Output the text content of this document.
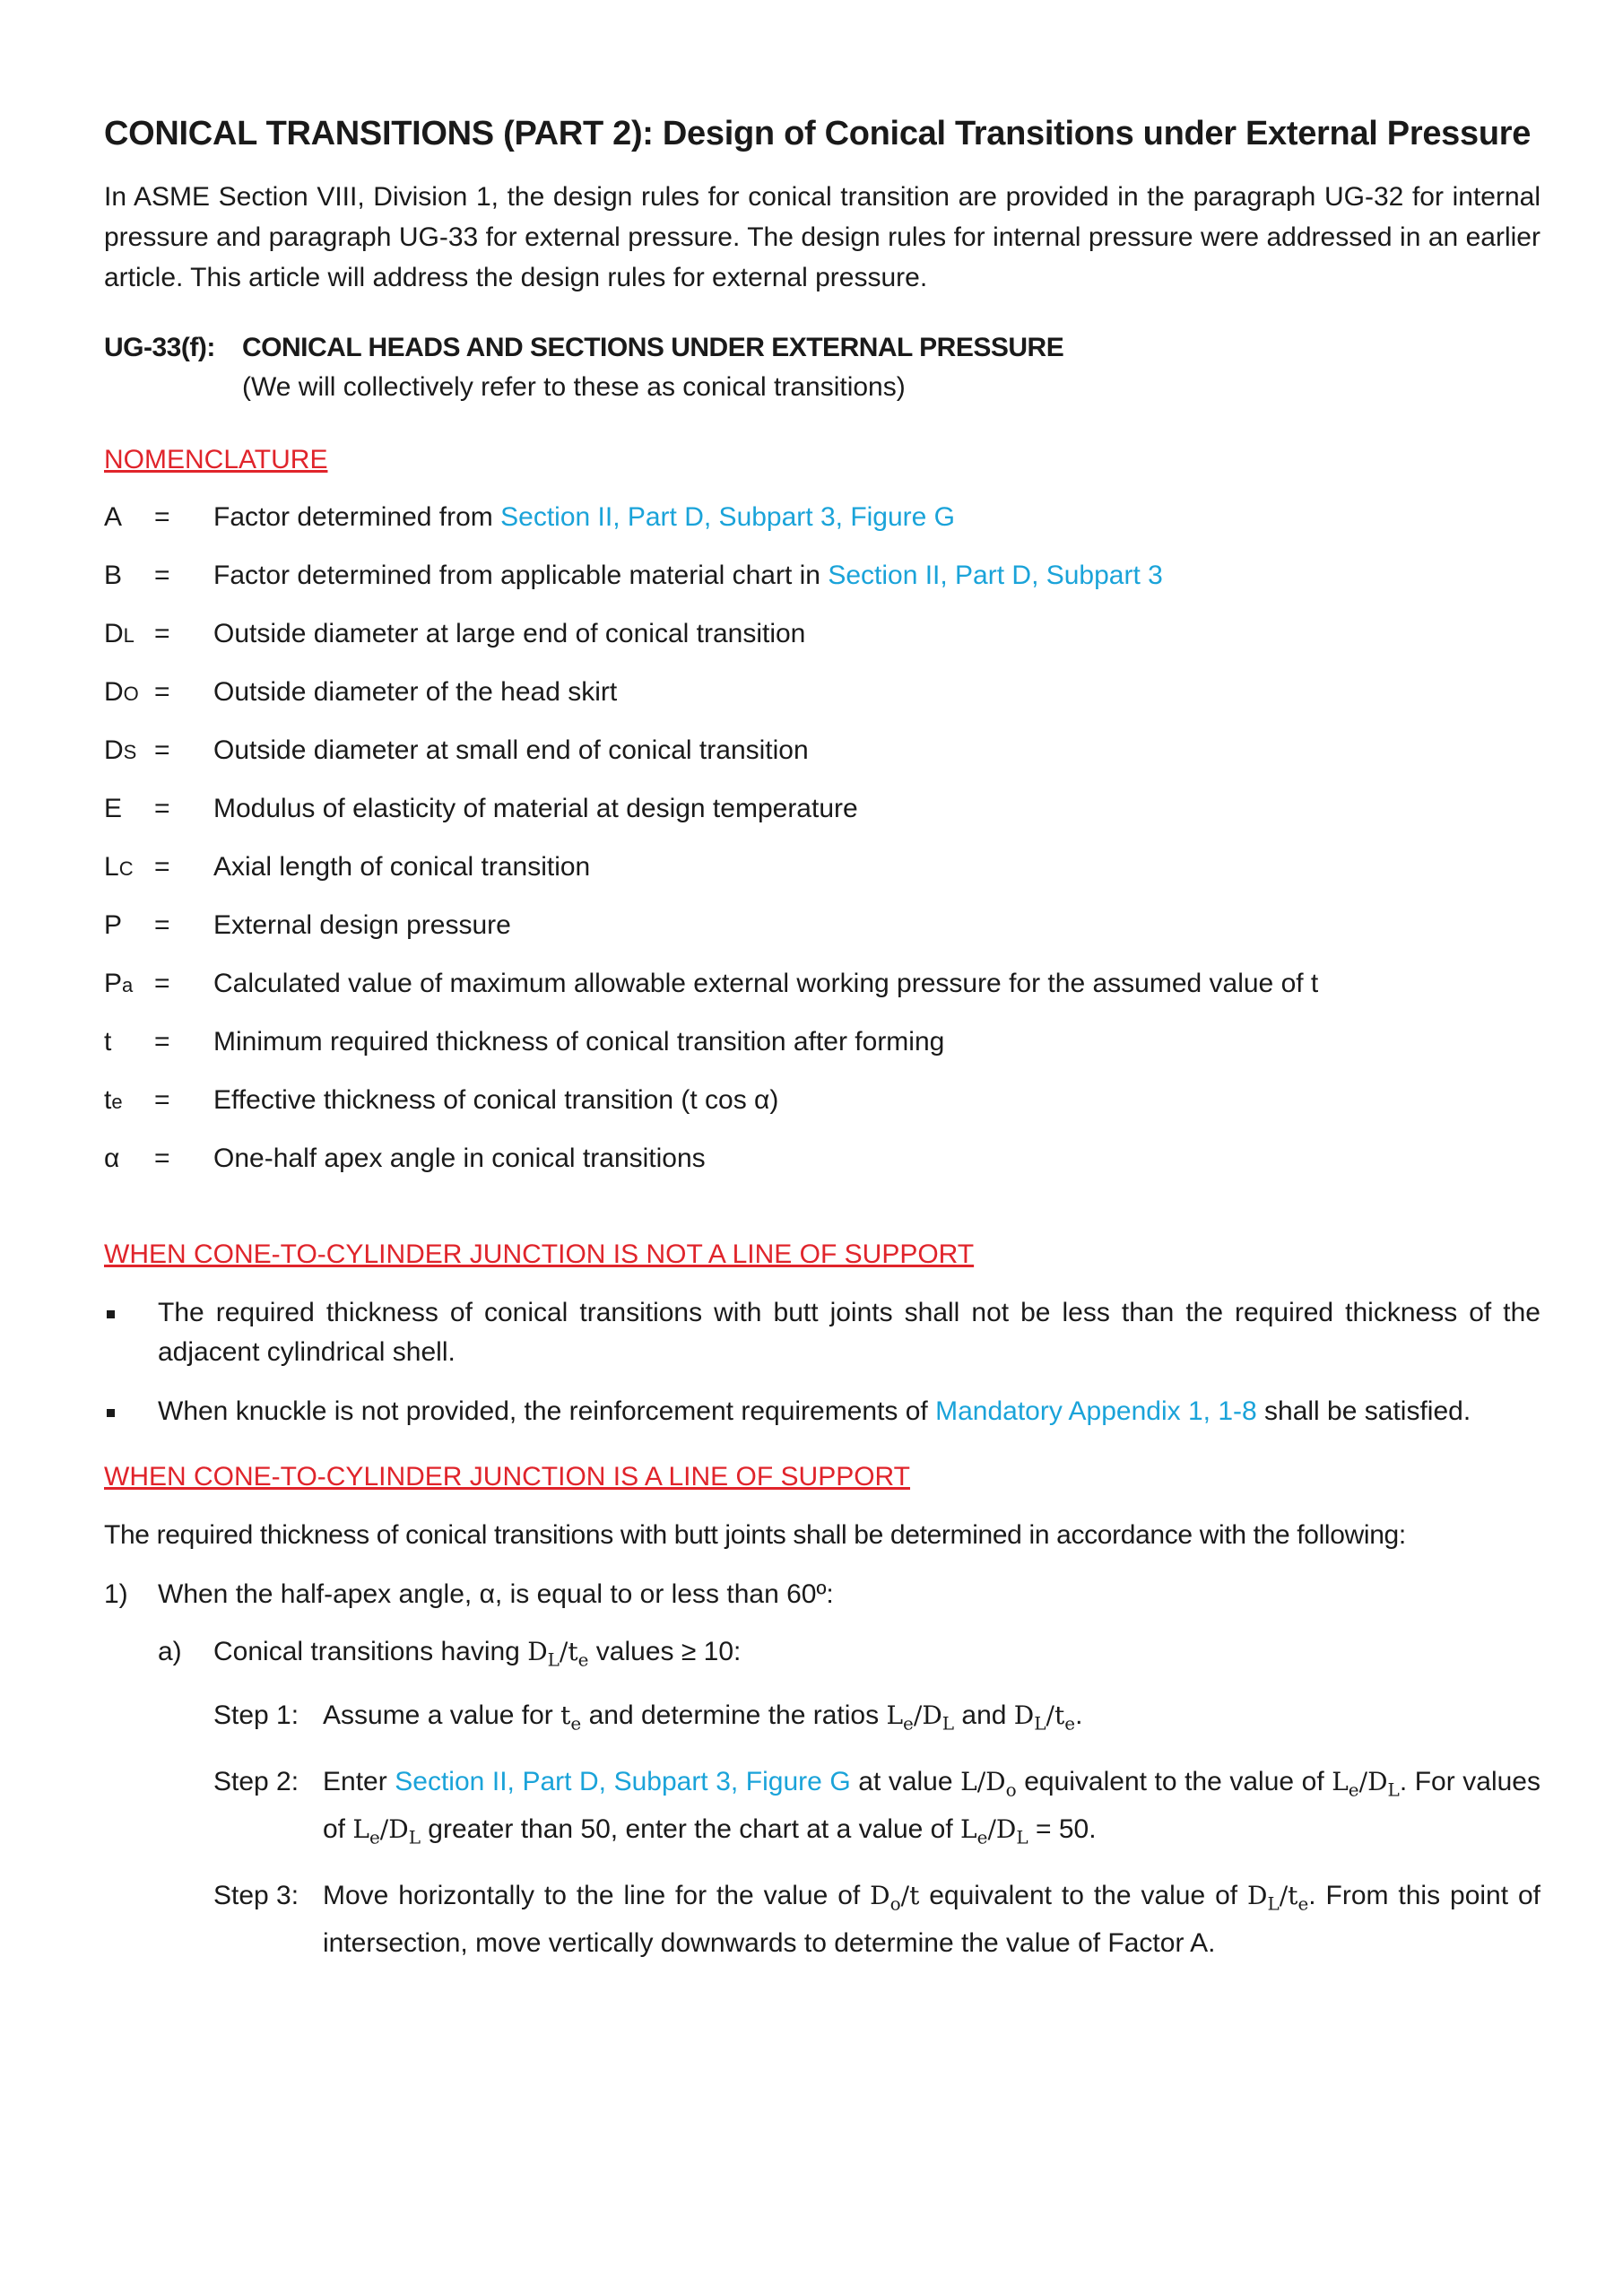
CONICAL TRANSITIONS (PART 2): Design of Conical Transitions under External Pressure
In ASME Section VIII, Division 1, the design rules for conical transition are provided in the paragraph UG-32 for internal pressure and paragraph UG-33 for external pressure. The design rules for internal pressure were addressed in an earlier article. This article will address the design rules for external pressure.
UG-33(f):	CONICAL HEADS AND SECTIONS UNDER EXTERNAL PRESSURE
(We will collectively refer to these as conical transitions)
NOMENCLATURE
A	=	Factor determined from Section II, Part D, Subpart 3, Figure G
B	=	Factor determined from applicable material chart in Section II, Part D, Subpart 3
DL =	Outside diameter at large end of conical transition
DO =	Outside diameter of the head skirt
DS =	Outside diameter at small end of conical transition
E	=	Modulus of elasticity of material at design temperature
LC =	Axial length of conical transition
P	=	External design pressure
Pa =	Calculated value of maximum allowable external working pressure for the assumed value of t
t	=	Minimum required thickness of conical transition after forming
te	=	Effective thickness of conical transition (t cos α)
α	=	One-half apex angle in conical transitions
WHEN CONE-TO-CYLINDER JUNCTION IS NOT A LINE OF SUPPORT
The required thickness of conical transitions with butt joints shall not be less than the required thickness of the adjacent cylindrical shell.
When knuckle is not provided, the reinforcement requirements of Mandatory Appendix 1, 1-8 shall be satisfied.
WHEN CONE-TO-CYLINDER JUNCTION IS A LINE OF SUPPORT
The required thickness of conical transitions with butt joints shall be determined in accordance with the following:
1)	When the half-apex angle, α, is equal to or less than 60º:
a)	Conical transitions having $D_L/t_e$ values ≥ 10:
Step 1: Assume a value for $t_e$ and determine the ratios $L_e/D_L$ and $D_L/t_e$.
Step 2: Enter Section II, Part D, Subpart 3, Figure G at value $L/D_o$ equivalent to the value of $L_e/D_L$. For values of $L_e/D_L$ greater than 50, enter the chart at a value of $L_e/D_L = 50$.
Step 3: Move horizontally to the line for the value of $D_o/t$ equivalent to the value of $D_L/t_e$. From this point of intersection, move vertically downwards to determine the value of Factor A.
